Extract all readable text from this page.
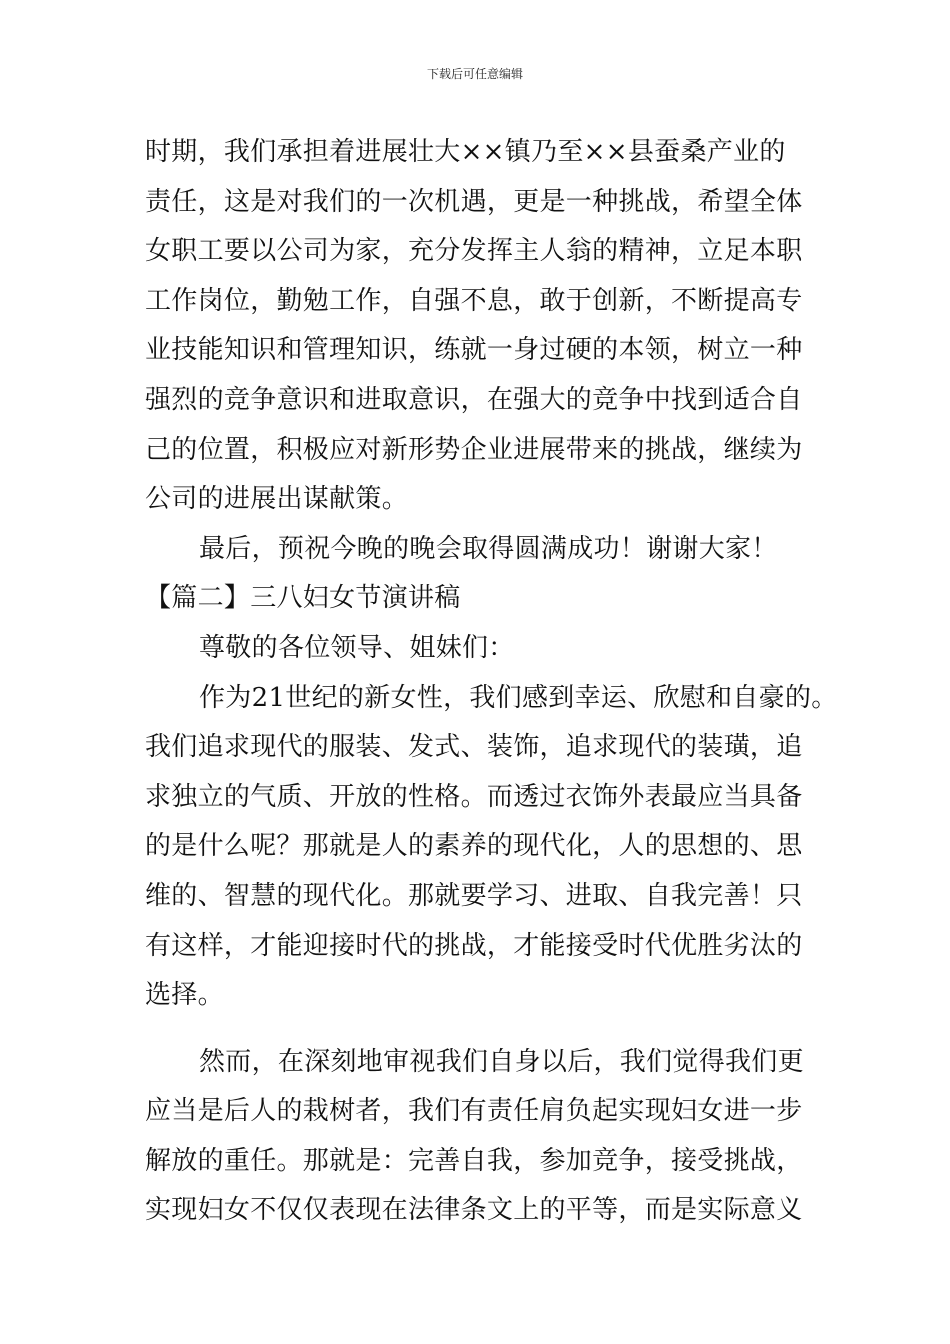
下载后可任意编辑
时期，我们承担着进展壮大××镇乃至××县蚕桑产业的
责任，这是对我们的一次机遇，更是一种挑战，希望全体
女职工要以公司为家，充分发挥主人翁的精神，立足本职
工作岗位，勤勉工作，自强不息，敢于创新，不断提高专
业技能知识和管理知识，练就一身过硬的本领，树立一种
强烈的竞争意识和进取意识，在强大的竞争中找到适合自
己的位置，积极应对新形势企业进展带来的挑战，继续为
公司的进展出谋献策。
最后，预祝今晚的晚会取得圆满成功！谢谢大家！
【篇二】三八妇女节演讲稿
尊敬的各位领导、姐妹们：
作为21世纪的新女性，我们感到幸运、欣慰和自豪的。
我们追求现代的服装、发式、装饰，追求现代的装璜，追
求独立的气质、开放的性格。而透过衣饰外表最应当具备
的是什么呢？那就是人的素养的现代化，人的思想的、思
维的、智慧的现代化。那就要学习、进取、自我完善！只
有这样，才能迎接时代的挑战，才能接受时代优胜劣汰的
选择。
然而，在深刻地审视我们自身以后，我们觉得我们更
应当是后人的栽树者，我们有责任肩负起实现妇女进一步
解放的重任。那就是：完善自我，参加竞争，接受挑战，
实现妇女不仅仅表现在法律条文上的平等，而是实际意义
